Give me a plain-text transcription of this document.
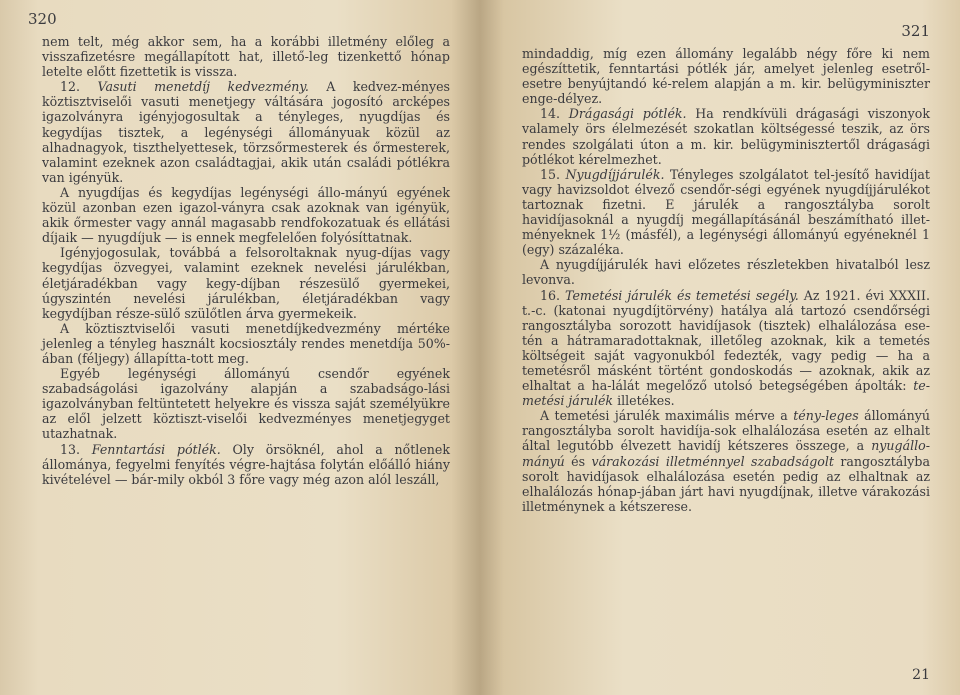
320

nem telt, még akkor sem, ha a korábbi illetmény előleg a visszafizetésre megállapított hat, illető-leg tizenkettő hónap letelte előtt fizettetik is vissza.

12. Vasuti menetdíj kedvezmény. A kedvez-ményes köztisztviselői vasuti menetjegy váltására jogosító arcképes igazolványra igényjogosultak a tényleges, nyugdíjas és kegydíjas tisztek, a legénységi állományuak közül az alhadnagyok, tiszthelyettesek, törzsőrmesterek és őrmesterek, valamint ezeknek azon családtagjai, akik után családi pótlékra van igényük.

A nyugdíjas és kegydíjas legénységi állo-mányú egyének közül azonban ezen igazol-ványra csak azoknak van igényük, akik őrmester vagy annál magasabb rendfokozatuak és ellátási díjaik — nyugdíjuk — is ennek megfelelően folyósíttatnak.

Igényjogosulak, továbbá a felsoroltaknak nyug-díjas vagy kegydíjas özvegyei, valamint ezeknek nevelési járulékban, életjáradékban vagy kegy-díjban részesülő gyermekei, úgyszintén nevelési járulékban, életjáradékban vagy kegydíjban része-sülő szülőtlen árva gyermekeik.

A köztisztviselői vasuti menetdíjkedvezmény mértéke jelenleg a tényleg használt kocsiosztály rendes menetdíja 50%-ában (féljegy) állapítta-tott meg.

Egyéb legénységi állományú csendőr egyének szabadságolási igazolvány alapján a szabadságo-lási igazolványban feltüntetett helyekre és vissza saját személyükre az elől jelzett köztiszt-viselői kedvezményes menetjegyget utazhatnak.

13. Fenntartási pótlék. Oly örsöknél, ahol a nőtlenek állománya, fegyelmi fenyítés végre-hajtása folytán előálló hiány kivételével — bár-mily okból 3 főre vagy még azon alól leszáll,

321

mindaddig, míg ezen állomány legalább négy főre ki nem egészíttetik, fenntartási pótlék jár, amelyet jelenleg esetről-esetre benyújtandó ké-relem alapján a m. kir. belügyminiszter enge-délyez.

14. Drágasági pótlék. Ha rendkívüli drágasági viszonyok valamely örs élelmezését szokatlan költségessé teszik, az örs rendes szolgálati úton a m. kir. belügyminisztertől drágasági pótlékot kérelmezhet.

15. Nyugdíjjárulék. Tényleges szolgálatot tel-jesítő havidíjat vagy havizsoldot élvező csendőr-ségi egyének nyugdíjjárulékot tartoznak fizetni. E járulék a rangosztályba sorolt havidíjasoknál a nyugdíj megállapításánál beszámítható illet-ményeknek 1½ (másfél), a legénységi állományú egyéneknél 1 (egy) százaléka.

A nyugdíjjárulék havi előzetes részletekben hivatalból lesz levonva.

16. Temetési járulék és temetési segély. Az 1921. évi XXXII. t.-c. (katonai nyugdíjtörvény) hatálya alá tartozó csendőrségi rangosztályba sorozott havidíjasok (tisztek) elhalálozása ese-tén a hátramaradottaknak, illetőleg azoknak, kik a temetés költségeit saját vagyonukból fedezték, vagy pedig — ha a temetésről másként történt gondoskodás — azoknak, akik az elhaltat a ha-lálát megelőző utolsó betegségében ápolták: te-metési járulék illetékes.

A temetési járulék maximális mérve a tény-leges állományú rangosztályba sorolt havidíja-sok elhalálozása esetén az elhalt által legutóbb élvezett havidíj kétszeres összege, a nyugállo-mányú és várakozási illetménnyel szabadságolt rangosztályba sorolt havidíjasok elhalálozása esetén pedig az elhaltnak az elhalálozás hónap-jában járt havi nyugdíjnak, illetve várakozási illetménynek a kétszerese.

21
